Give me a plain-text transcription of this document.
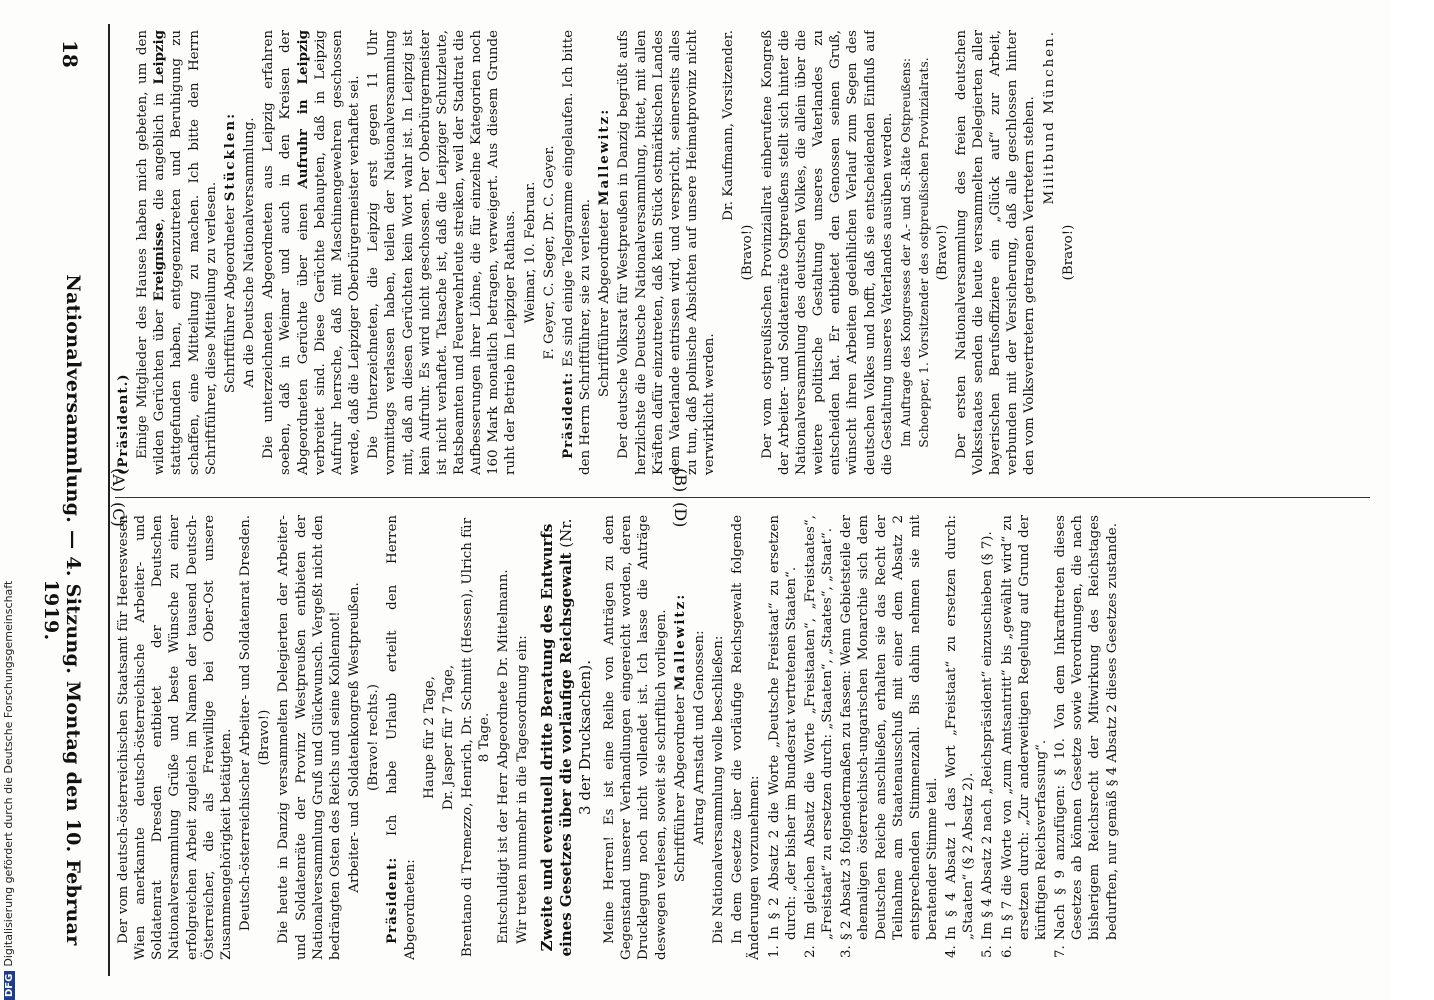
18
Nationalversammlung. — 4. Sitzung. Montag den 10. Februar 1919.
(A)	(B)
(C)	(D)

(Präsident.) Einige Mitglieder des Hauses haben mich gebeten, um den wilden Gerüchten über Ereignisse, die angeblich in Leipzig stattgefunden haben, entgegenzutreten und Beruhigung zu schaffen, eine Mitteilung zu machen. Ich bitte den Herrn Schriftführer, diese Mitteilung zu verlesen. Schriftführer Abgeordneter Stücklen: An die Deutsche Nationalversammlung. Die unterzeichneten Abgeordneten aus Leipzig erfahren soeben, daß in Weimar und auch in den Kreisen der Abgeordneten Gerüchte über einen Aufruhr in Leipzig verbreitet sind. Diese Gerüchte behaupten, daß in Leipzig Aufruhr herrsche, daß mit Maschinengewehren geschossen werde, daß die Leipziger Oberbürgermeister verhaftet sei. Die Unterzeichneten, die Leipzig erst gegen 11 Uhr vormittags verlassen haben, teilen der Nationalversammlung mit, daß an diesen Gerüchten kein Wort wahr ist. In Leipzig ist kein Aufruhr. Es wird nicht geschossen. Der Oberbürgermeister ist nicht verhaftet. Tatsache ist, daß die Leipziger Schutzleute, Ratsbeamten und Feuerwehrleute streiken, weil der Stadtrat die Aufbesserungen ihrer Löhne, die für einzelne Kategorien noch 160 Mark monatlich betragen, verweigert. Aus diesem Grunde ruht der Betrieb im Leipziger Rathaus. Weimar, 10. Februar. F. Geyer, C. Seger, Dr. C. Geyer.

Präsident: Es sind einige Telegramme eingelaufen. Ich bitte den Herrn Schriftführer, sie zu verlesen. Schriftführer Abgeordneter Mallewitz: Der deutsche Volksrat für Westpreußen in Danzig begrüßt aufs herzlichste die Deutsche Nationalversammlung, bittet, mit allen Kräften dafür einzutreten, daß kein Stück ostmärkischen Landes dem Vaterlande entrissen wird, und verspricht, seinerseits alles zu tun, daß polnische Absichten auf unsere Heimatprovinz nicht verwirklicht werden.

Dr. Kaufmann, Vorsitzender.

(Bravo!) Der vom ostpreußischen Provinziallrat einberufene Kongreß der Arbeiter- und Soldatenräte Ostpreußens stellt sich hinter die Nationalversammlung des deutschen Volkes, die allein über die weitere politische Gestaltung unseres Vaterlandes zu entscheiden hat. Er entbietet den Genossen seinen Gruß, wünscht ihren Arbeiten gedeihlichen Verlauf zum Segen des deutschen Volkes und hofft, daß sie entscheidenden Einfluß auf die Gestaltung unseres Vaterlandes ausüben werden. Im Auftrage des Kongresses der A.- und S.-Räte Ostpreußens: Schoepper, 1. Vorsitzender des ostpreußischen Provinzialrats. (Bravo!) Der ersten Nationalversammlung des freien deutschen Volksstaates senden die heute versammelten Delegierten aller bayerischen Berufsoffiziere ein „Glück auf“ zur Arbeit, verbunden mit der Versicherung, daß alle geschlossen hinter den vom Volksvertretern getragenen Vertretern stehen. Militbund München.

(Bravo!)

Der vom deutsch-österreichischen Staatsamt für Heereswesen Wien anerkannte deutsch-österreichische Arbeiter- und Soldatenrat Dresden entbietet der Deutschen Nationalversammlung Grüße und beste Wünsche zu einer erfolgreichen Arbeit zugleich im Namen der tausend Deutsch-Österreicher, die als Freiwillige bei Ober-Ost unsere Zusammengehörigkeit betätigten. Deutsch-österreichischer Arbeiter- und Soldatenrat Dresden. (Bravo!) Die heute in Danzig versammelten Delegierten der Arbeiter- und Soldatenräte der Provinz Westpreußen entbieten der Nationalversammlung Gruß und Glückwunsch. Vergeßt nicht den bedrängten Osten des Reichs und seine Kohlennot! Arbeiter- und Soldatenkongreß Westpreußen. (Bravo! rechts.)

Präsident: Ich habe Urlaub erteilt den Herren Abgeordneten:

Haupe für 2 Tage, Dr. Jasper für 7 Tage, Brentano di Tremezzo, Henrich, Dr. Schmitt (Hessen), Ulrich für 8 Tage. Entschuldigt ist der Herr Abgeordnete Dr. Mittelmann. Wir treten nunmehr in die Tagesordnung ein: Zweite und eventuell dritte Beratung des Entwurfs eines Gesetzes über die vorläufige Reichsgewalt (Nr. 3 der Drucksachen). Meine Herren! Es ist eine Reihe von Anträgen zu dem Gegenstand unserer Verhandlungen eingereicht worden, deren Drucklegung noch nicht vollendet ist. Ich lasse die Anträge deswegen verlesen, soweit sie schriftlich vorliegen. Schriftführer Abgeordneter Mallewitz: Antrag Arnstadt und Genossen: Die Nationalversammlung wolle beschließen: In dem Gesetze über die vorläufige Reichsgewalt folgende Änderungen vorzunehmen: 1.
In § 2 Absatz 2 die Worte „Deutsche Freistaat“ zu ersetzen durch: „der bisher im Bundesrat vertretenen Staaten“.

2.
Im gleichen Absatz die Worte „Freistaaten“, „Freistaates“, „Freistaat“ zu ersetzen durch: „Staaten“, „Staates“, „Staat“.

3.
§ 2 Absatz 3 folgendermaßen zu fassen: Wenn Gebietsteile der ehemaligen österreichisch-ungarischen Monarchie sich dem Deutschen Reiche anschließen, erhalten sie das Recht der Teilnahme am Staatenausschuß mit einer dem Absatz 2 entsprechenden Stimmenzahl. Bis dahin nehmen sie mit beratender Stimme teil.

4.
In § 4 Absatz 1 das Wort „Freistaat“ zu ersetzen durch: „Staaten“ (§ 2 Absatz 2).

5.
Im § 4 Absatz 2 nach „Reichspräsident“ einzuschieben (§ 7).

6.
In § 7 die Worte von „zum Amtsantritt“ bis „gewählt wird“ zu ersetzen durch: „Zur anderweitigen Regelung auf Grund der künftigen Reichsverfassung“.

7.
Nach § 9 anzufügen: § 10. Von dem Inkrafttreten dieses Gesetzes ab können Gesetze sowie Verordnungen, die nach bisherigem Reichsrecht der Mitwirkung des Reichstages bedurften, nur gemäß § 4 Absatz 2 dieses Gesetzes zustande.

DFGDigitalisierung gefördert durch die Deutsche Forschungsgemeinschaft
